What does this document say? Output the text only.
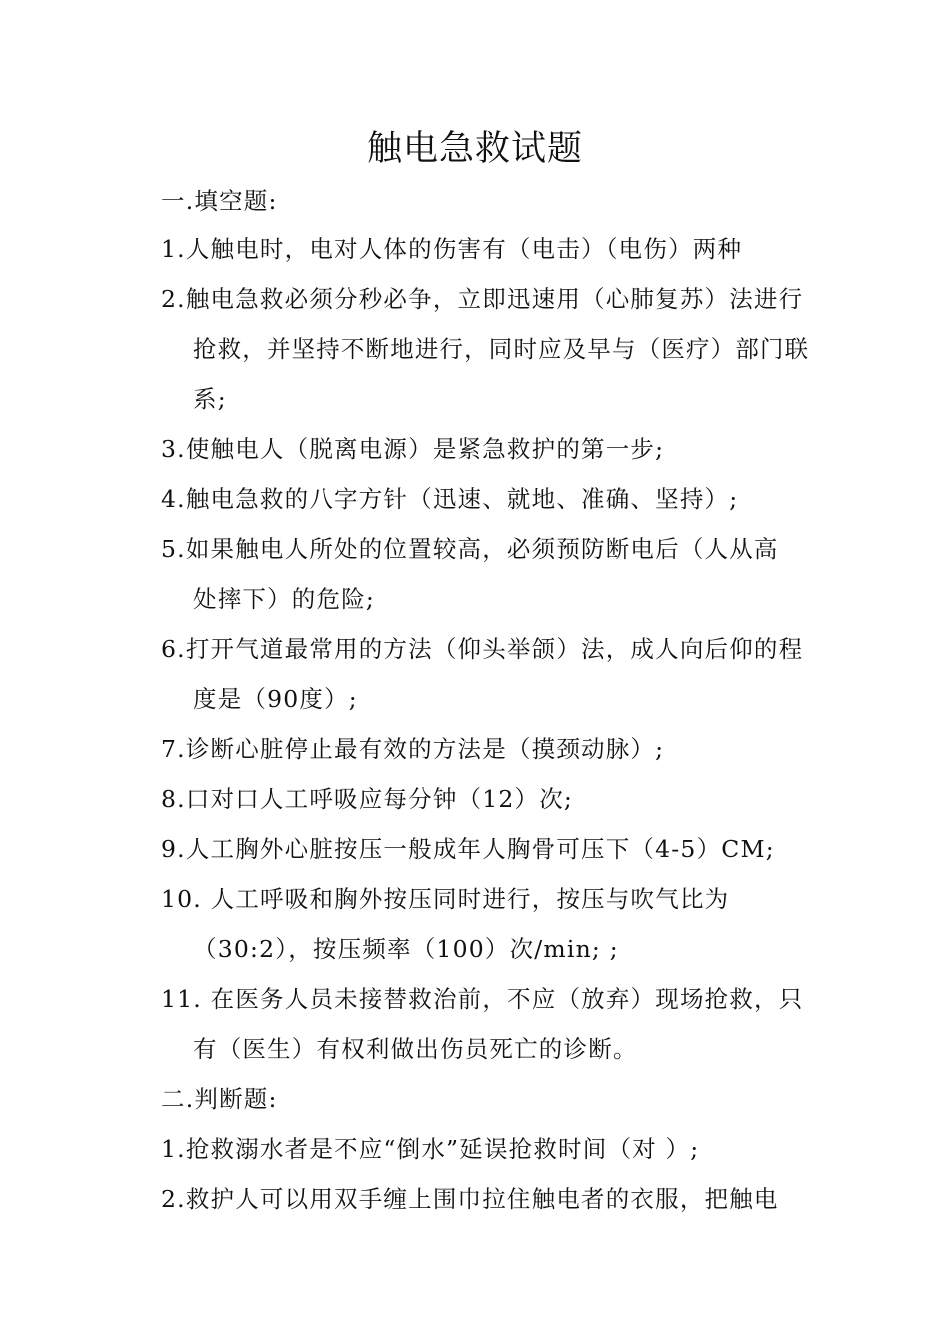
触电急救试题
一.填空题:
1.人触电时，电对人体的伤害有（电击）（电伤）两种
2.触电急救必须分秒必争，立即迅速用（心肺复苏）法进行
抢救，并坚持不断地进行，同时应及早与（医疗）部门联
系;
3.使触电人（脱离电源）是紧急救护的第一步;
4.触电急救的八字方针（迅速、就地、准确、坚持）;
5.如果触电人所处的位置较高，必须预防断电后（人从高
处摔下）的危险;
6.打开气道最常用的方法（仰头举颌）法，成人向后仰的程
度是（90度）;
7.诊断心脏停止最有效的方法是（摸颈动脉）;
8.口对口人工呼吸应每分钟（12）次;
9.人工胸外心脏按压一般成年人胸骨可压下（4-5）CM;
10. 人工呼吸和胸外按压同时进行，按压与吹气比为
（30:2），按压频率（100）次/min; ;
11. 在医务人员未接替救治前，不应（放弃）现场抢救，只
有（医生）有权利做出伤员死亡的诊断。
二.判断题:
1.抢救溺水者是不应“倒水”延误抢救时间（对 ）;
2.救护人可以用双手缠上围巾拉住触电者的衣服，把触电
